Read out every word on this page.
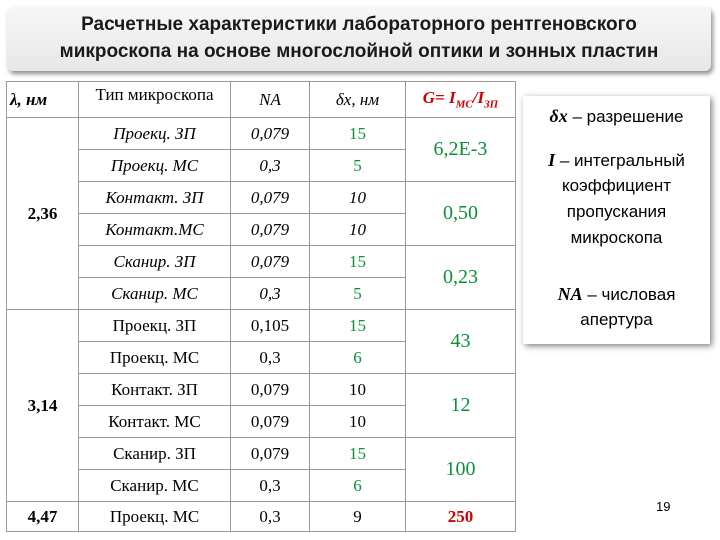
Расчетные характеристики лабораторного рентгеновского
микроскопа на основе многослойной оптики и зонных пластин
λ, нм	Тип микроскопа	NA	δx, нм	$G= I_{MC}/I_{ЗП}$
2,36	Проекц. ЗП	0,079	15	6,2E-3
	Проекц. МС	0,3	5	
	Контакт. ЗП	0,079	10	0,50
	Контакт.МС	0,079	10	
	Сканир. ЗП	0,079	15	0,23
	Сканир. МС	0,3	5	
3,14	Проекц. ЗП	0,105	15	43
	Проекц. МС	0,3	6	
	Контакт. ЗП	0,079	10	12
	Контакт. МС	0,079	10	
	Сканир. ЗП	0,079	15	100
	Сканир. МС	0,3	6	
4,47	Проекц. МС	0,3	9	250
δx – разрешение
I – интегральный
коэффициент
пропускания
микроскопа
NA – числовая
апертура
19
